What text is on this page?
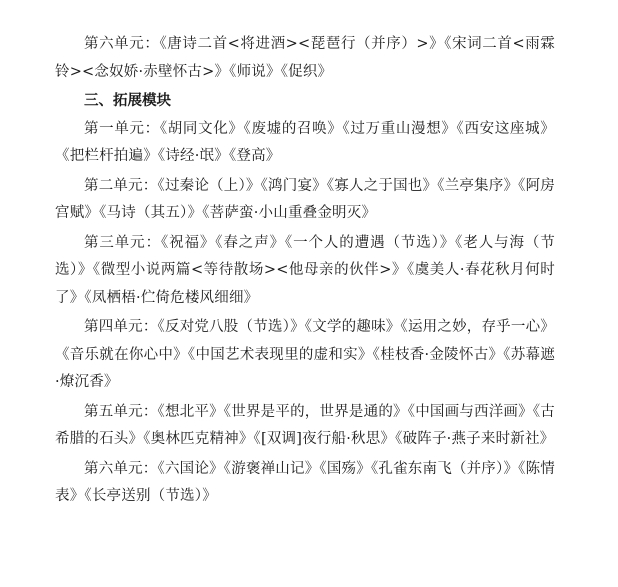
第六单元：《唐诗二首<将进酒><琵琶行（并序）>》《宋词二首<雨霖铃><念奴娇·赤壁怀古>》《师说》《促织》

三、拓展模块

第一单元：《胡同文化》《废墟的召唤》《过万重山漫想》《西安这座城》《把栏杆拍遍》《诗经·氓》《登高》

第二单元：《过秦论（上）》《鸿门宴》《寡人之于国也》《兰亭集序》《阿房宫赋》《马诗（其五）》《菩萨蛮·小山重叠金明灭》

第三单元：《祝福》《春之声》《一个人的遭遇（节选）》《老人与海（节选）》《微型小说两篇<等待散场><他母亲的伙伴>》《虞美人·春花秋月何时了》《凤栖梧·伫倚危楼风细细》

第四单元：《反对党八股（节选）》《文学的趣味》《运用之妙，存乎一心》《音乐就在你心中》《中国艺术表现里的虚和实》《桂枝香·金陵怀古》《苏幕遮·燎沉香》

第五单元：《想北平》《世界是平的，世界是通的》《中国画与西洋画》《古希腊的石头》《奥林匹克精神》《[双调]夜行船·秋思》《破阵子·燕子来时新社》

第六单元：《六国论》《游褒禅山记》《国殇》《孔雀东南飞（并序）》《陈情表》《长亭送别（节选）》
